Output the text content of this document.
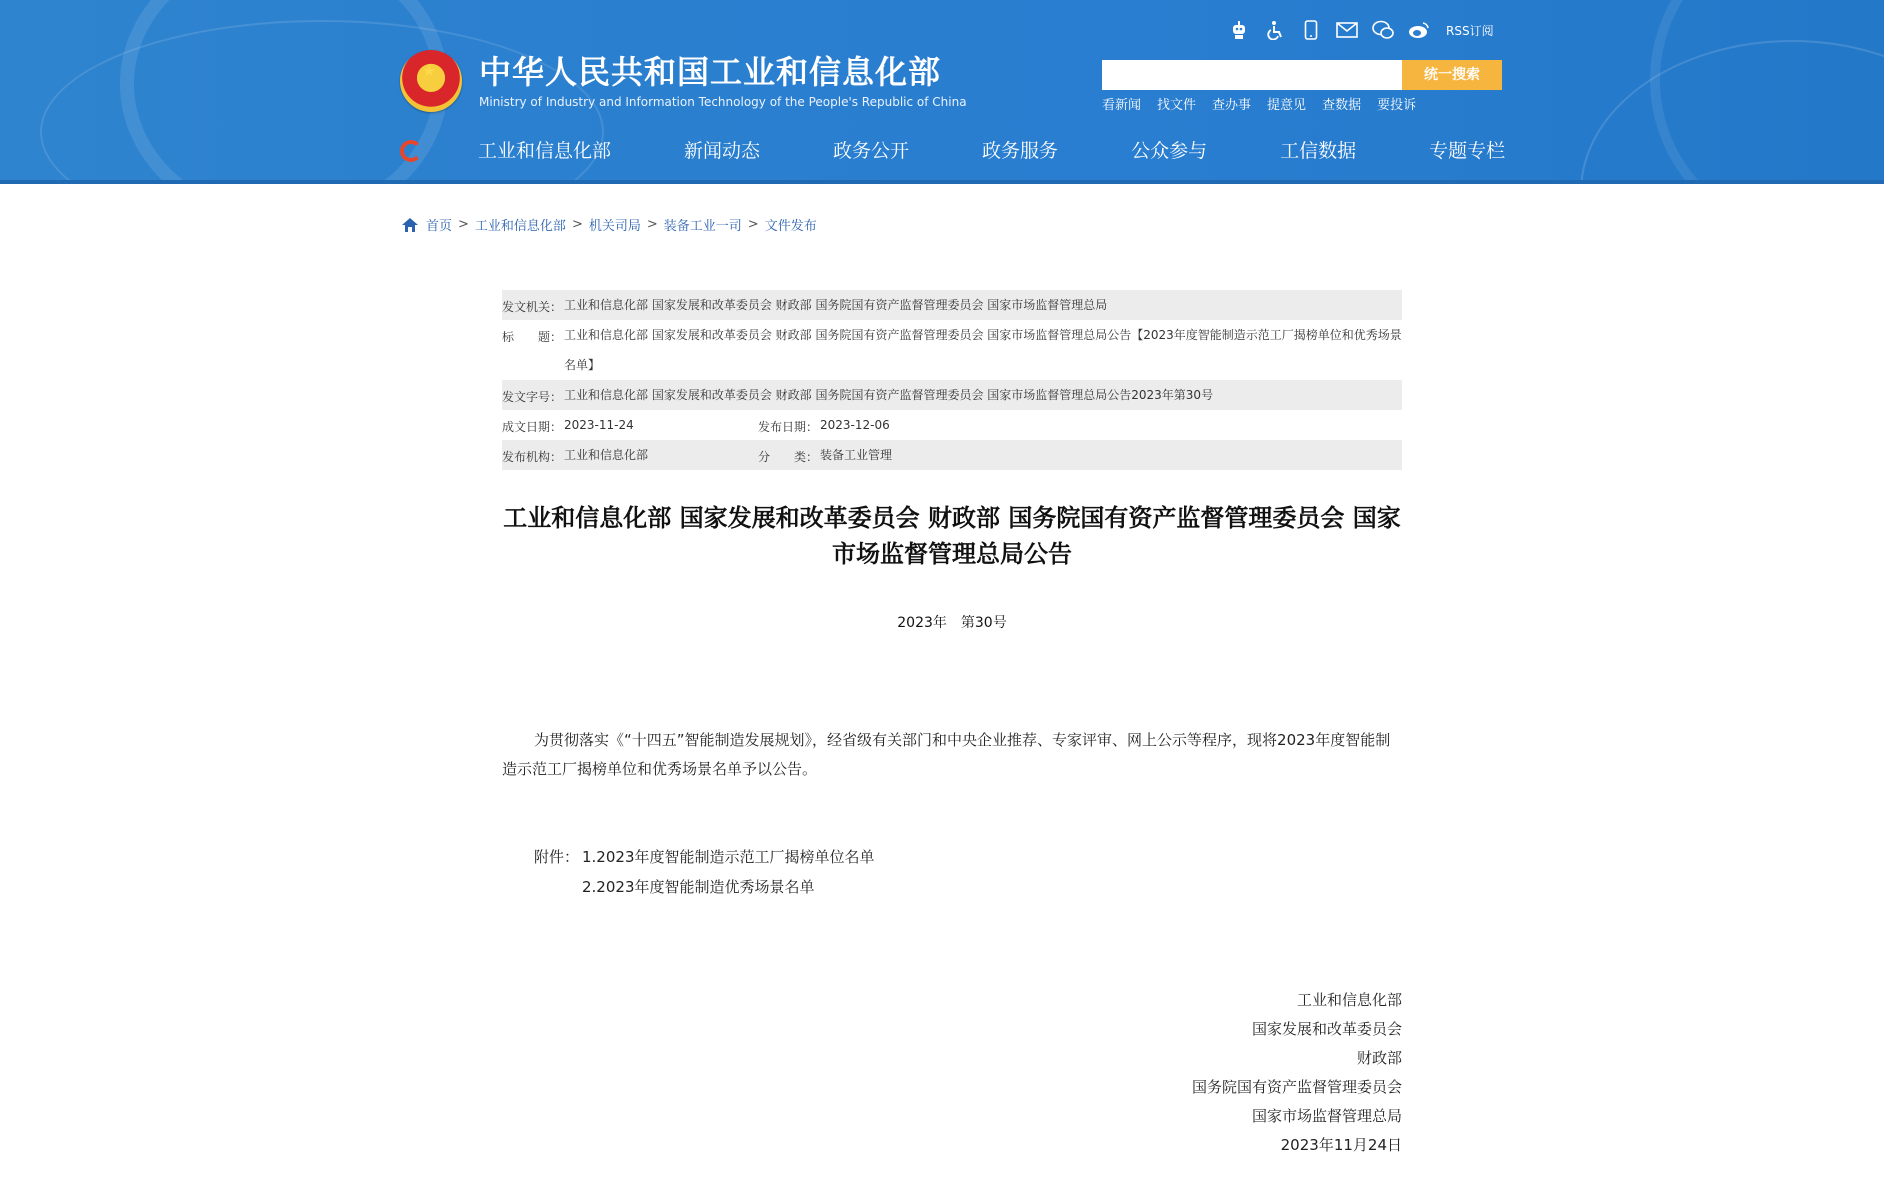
★ 中华人民共和国工业和信息化部
Ministry of Industry and Information Technology of the People's Republic of China
RSS订阅
统一搜索
看新闻 找文件 查办事 提意见 查数据 要投诉
工业和信息化部	新闻动态	政务公开	政务服务	公众参与	工信数据	专题专栏
首页 > 工业和信息化部 > 机关司局 > 装备工业一司 > 文件发布
发文机关： 工业和信息化部 国家发展和改革委员会 财政部 国务院国有资产监督管理委员会 国家市场监督管理总局
标　　题： 工业和信息化部 国家发展和改革委员会 财政部 国务院国有资产监督管理委员会 国家市场监督管理总局公告【2023年度智能制造示范工厂揭榜单位和优秀场景名单】
发文字号： 工业和信息化部 国家发展和改革委员会 财政部 国务院国有资产监督管理委员会 国家市场监督管理总局公告2023年第30号
成文日期： 2023-11-24	发布日期： 2023-12-06
发布机构： 工业和信息化部	分　　类： 装备工业管理
工业和信息化部 国家发展和改革委员会 财政部 国务院国有资产监督管理委员会 国家市场监督管理总局公告
2023年　第30号
为贯彻落实《“十四五”智能制造发展规划》，经省级有关部门和中央企业推荐、专家评审、网上公示等程序，现将2023年度智能制造示范工厂揭榜单位和优秀场景名单予以公告。
附件： 1.2023年度智能制造示范工厂揭榜单位名单
2.2023年度智能制造优秀场景名单
工业和信息化部
国家发展和改革委员会
财政部
国务院国有资产监督管理委员会
国家市场监督管理总局
2023年11月24日
